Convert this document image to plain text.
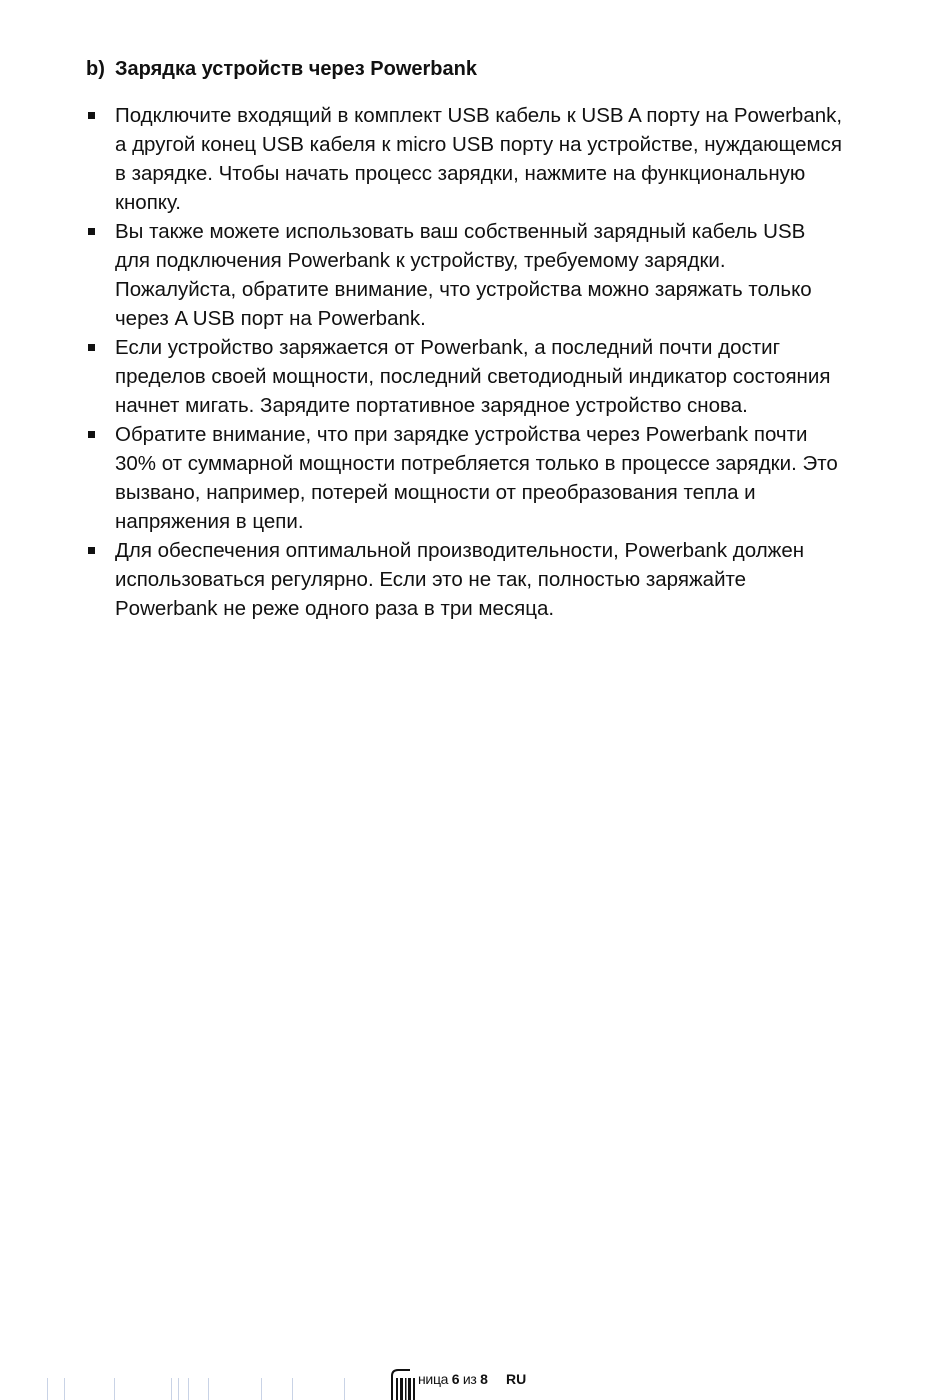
b) Зарядка устройств через Powerbank
Подключите входящий в комплект USB кабель к USB A порту на Powerbank, а другой конец USB кабеля к micro USB порту на устройстве, нуждающемся в зарядке. Чтобы начать процесс зарядки, нажмите на функциональную кнопку.
Вы также можете использовать ваш собственный зарядный кабель USB для подключения Powerbank к устройству, требуемому зарядки. Пожалуйста, обратите внимание, что устройства можно заряжать только через A USB порт на Powerbank.
Если устройство заряжается от Powerbank, а последний почти достиг пределов своей мощности, последний светодиодный индикатор состояния начнет мигать. Зарядите портативное зарядное устройство снова.
Обратите внимание, что при зарядке устройства через Powerbank почти 30% от суммарной мощности потребляется только в процессе зарядки. Это вызвано, например, потерей мощности от преобразования тепла и напряжения в цепи.
Для обеспечения оптимальной производительности, Powerbank должен использоваться регулярно. Если это не так, полностью заряжайте Powerbank не реже одного раза в три месяца.
ница 6 из 8 RU
